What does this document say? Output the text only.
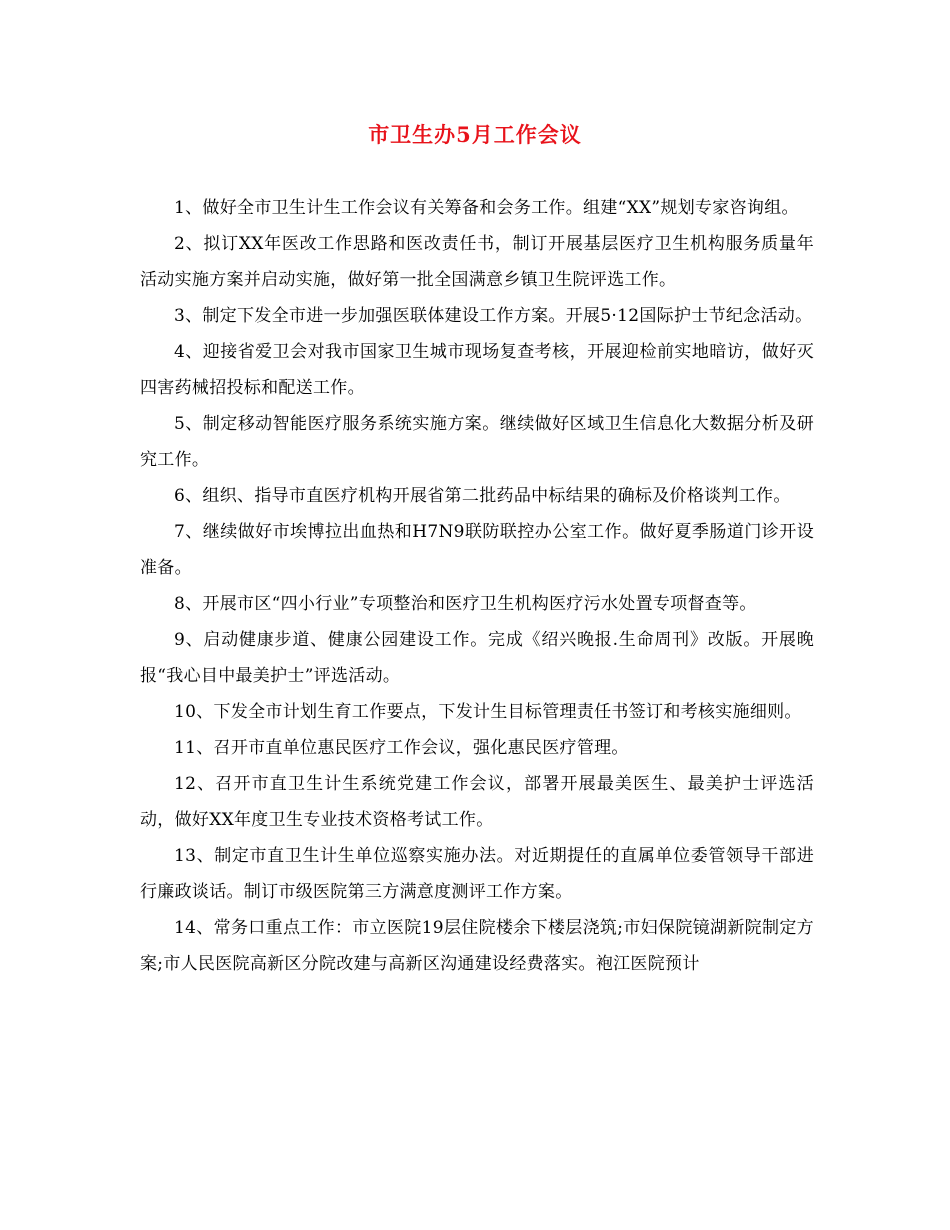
市卫生办5月工作会议

1、做好全市卫生计生工作会议有关筹备和会务工作。组建“XX”规划专家咨询组。

2、拟订XX年医改工作思路和医改责任书，制订开展基层医疗卫生机构服务质量年活动实施方案并启动实施，做好第一批全国满意乡镇卫生院评选工作。

3、制定下发全市进一步加强医联体建设工作方案。开展5·12国际护士节纪念活动。

4、迎接省爱卫会对我市国家卫生城市现场复查考核，开展迎检前实地暗访，做好灭四害药械招投标和配送工作。

5、制定移动智能医疗服务系统实施方案。继续做好区域卫生信息化大数据分析及研究工作。

6、组织、指导市直医疗机构开展省第二批药品中标结果的确标及价格谈判工作。

7、继续做好市埃博拉出血热和H7N9联防联控办公室工作。做好夏季肠道门诊开设准备。

8、开展市区“四小行业”专项整治和医疗卫生机构医疗污水处置专项督查等。

9、启动健康步道、健康公园建设工作。完成《绍兴晚报.生命周刊》改版。开展晚报“我心目中最美护士”评选活动。

10、下发全市计划生育工作要点，下发计生目标管理责任书签订和考核实施细则。

11、召开市直单位惠民医疗工作会议，强化惠民医疗管理。

12、召开市直卫生计生系统党建工作会议，部署开展最美医生、最美护士评选活动，做好XX年度卫生专业技术资格考试工作。

13、制定市直卫生计生单位巡察实施办法。对近期提任的直属单位委管领导干部进行廉政谈话。制订市级医院第三方满意度测评工作方案。

14、常务口重点工作：市立医院19层住院楼余下楼层浇筑;市妇保院镜湖新院制定方案;市人民医院高新区分院改建与高新区沟通建设经费落实。袍江医院预计
